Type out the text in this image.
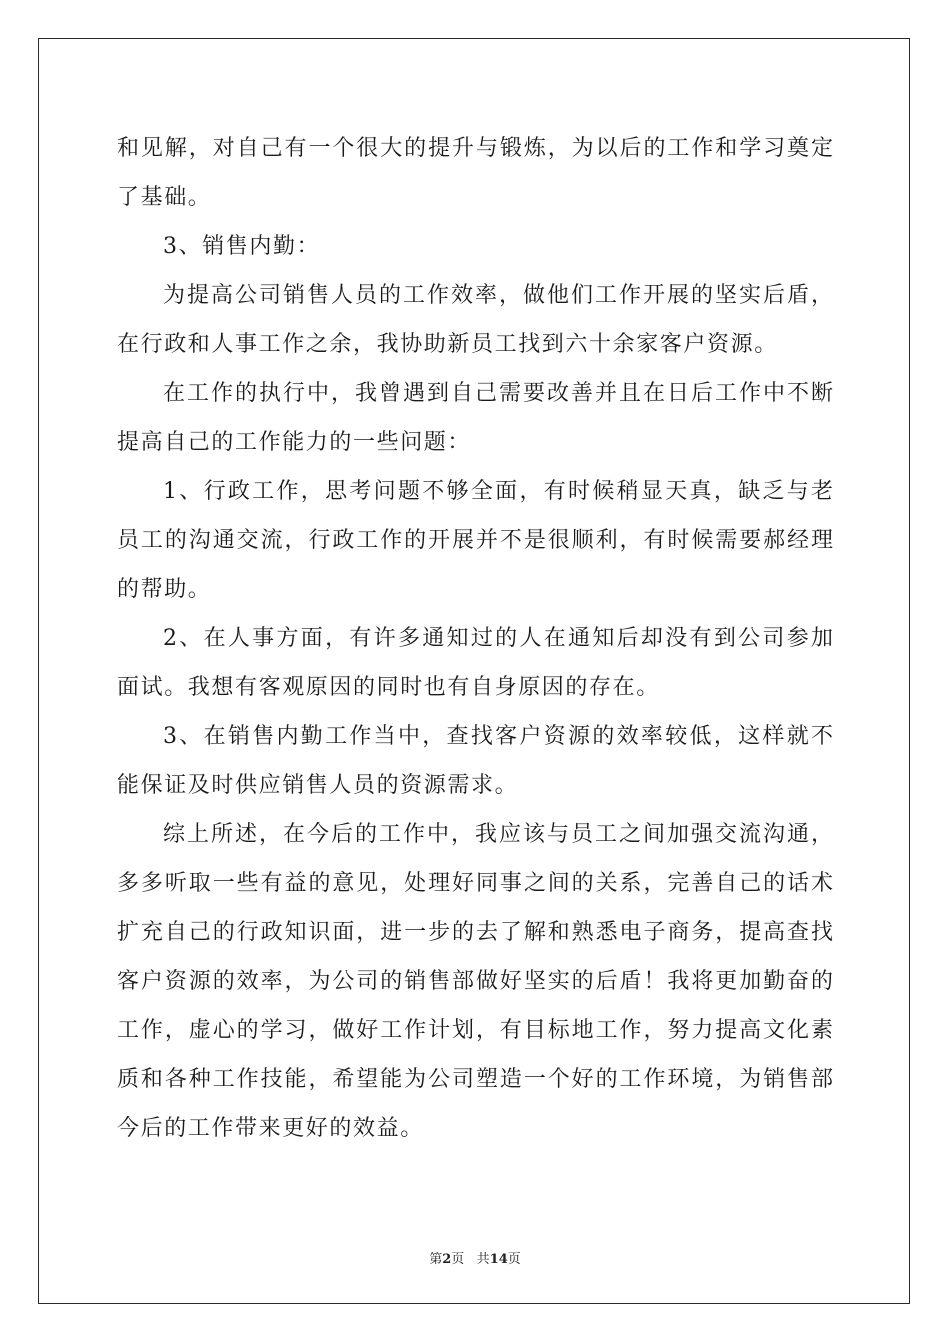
和见解，对自己有一个很大的提升与锻炼，为以后的工作和学习奠定

了基础。

3、销售内勤：

为提高公司销售人员的工作效率，做他们工作开展的坚实后盾，

在行政和人事工作之余，我协助新员工找到六十余家客户资源。

在工作的执行中，我曾遇到自己需要改善并且在日后工作中不断

提高自己的工作能力的一些问题：

1、行政工作，思考问题不够全面，有时候稍显天真，缺乏与老

员工的沟通交流，行政工作的开展并不是很顺利，有时候需要郝经理

的帮助。

2、在人事方面，有许多通知过的人在通知后却没有到公司参加

面试。我想有客观原因的同时也有自身原因的存在。

3、在销售内勤工作当中，查找客户资源的效率较低，这样就不

能保证及时供应销售人员的资源需求。

综上所述，在今后的工作中，我应该与员工之间加强交流沟通，

多多听取一些有益的意见，处理好同事之间的关系，完善自己的话术

扩充自己的行政知识面，进一步的去了解和熟悉电子商务，提高查找

客户资源的效率，为公司的销售部做好坚实的后盾！我将更加勤奋的

工作，虚心的学习，做好工作计划，有目标地工作，努力提高文化素

质和各种工作技能，希望能为公司塑造一个好的工作环境，为销售部

今后的工作带来更好的效益。

第2页 共14页
